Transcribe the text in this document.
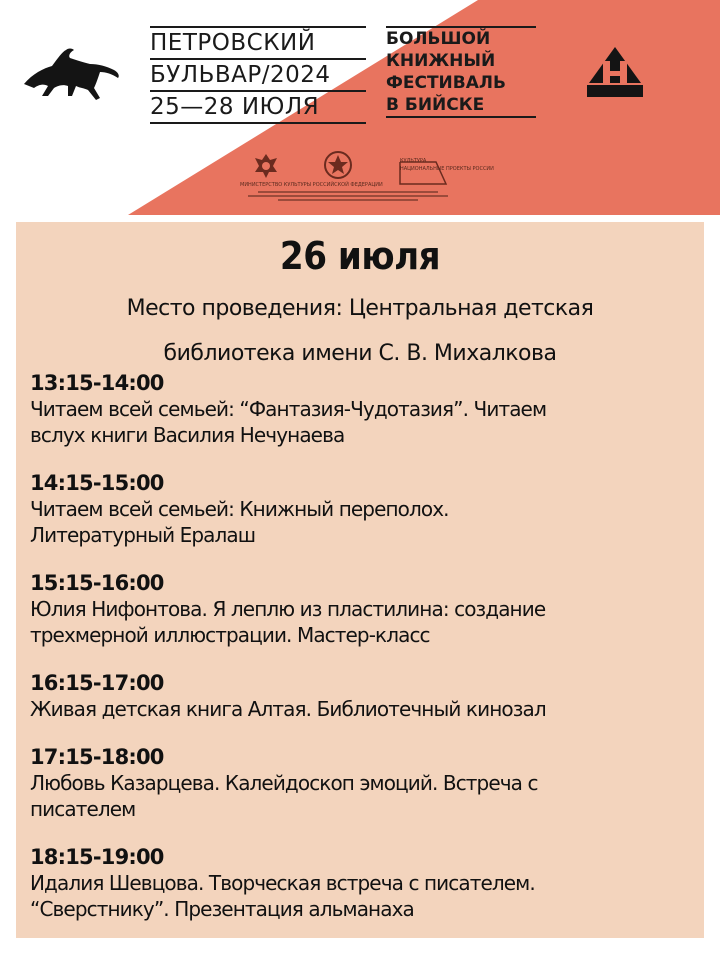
ПЕТРОВСКИЙ
БУЛЬВАР/2024
25—28 ИЮЛЯ
БОЛЬШОЙ
КНИЖНЫЙ
ФЕСТИВАЛЬ
В БИЙСКЕ
МИНИСТЕРСТВО КУЛЬТУРЫ РОССИЙСКОЙ ФЕДЕРАЦИИ
КУЛЬТУРА
НАЦИОНАЛЬНЫЕ ПРОЕКТЫ РОССИИ
26 июля
Место проведения: Центральная детская
библиотека имени С. В. Михалкова
13:15-14:00
Читаем всей семьей: “Фантазия-Чудотазия”. Читаем
вслух книги Василия Нечунаева
14:15-15:00
Читаем всей семьей: Книжный переполох.
Литературный Ералаш
15:15-16:00
Юлия Нифонтова. Я леплю из пластилина: создание
трехмерной иллюстрации. Мастер-класс
16:15-17:00
Живая детская книга Алтая. Библиотечный кинозал
17:15-18:00
Любовь Казарцева. Калейдоскоп эмоций. Встреча с
писателем
18:15-19:00
Идалия Шевцова. Творческая встреча с писателем.
“Сверстнику”. Презентация альманаха
